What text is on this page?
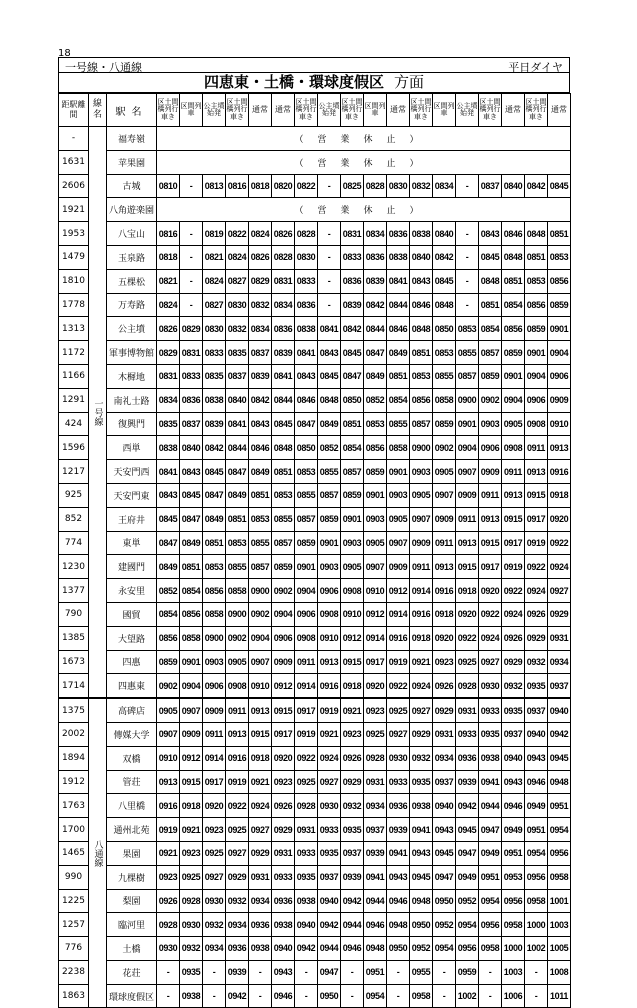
18
一号線・八通線	平日ダイヤ
四恵東・土橋・環球度假区 方面
距駅離間	線名	駅名	区土間橋列行車き	区間列車	公主墳始発	区土間橋列行車き	通常	通常	区土間橋列行車き	公主墳始発	区土間橋列行車き	区間列車	通常	区土間橋列行車き	区間列車	公主墳始発	区土間橋列行車き	通常	区土間橋列行車き	通常
-	一号線	福寿嶺	（営業休止）																	
1631		苹果園	（営業休止）																	
2606		古城	0810	-	0813	0816	0818	0820	0822	-	0825	0828	0830	0832	0834	-	0837	0840	0842	0845
1921		八角遊楽園	（営業休止）																	
1953		八宝山	0816	-	0819	0822	0824	0826	0828	-	0831	0834	0836	0838	0840	-	0843	0846	0848	0851
1479		玉泉路	0818	-	0821	0824	0826	0828	0830	-	0833	0836	0838	0840	0842	-	0845	0848	0851	0853
1810		五棵松	0821	-	0824	0827	0829	0831	0833	-	0836	0839	0841	0843	0845	-	0848	0851	0853	0856
1778		万寿路	0824	-	0827	0830	0832	0834	0836	-	0839	0842	0844	0846	0848	-	0851	0854	0856	0859
1313		公主墳	0826	0829	0830	0832	0834	0836	0838	0841	0842	0844	0846	0848	0850	0853	0854	0856	0859	0901
1172		軍事博物館	0829	0831	0833	0835	0837	0839	0841	0843	0845	0847	0849	0851	0853	0855	0857	0859	0901	0904
1166		木樨地	0831	0833	0835	0837	0839	0841	0843	0845	0847	0849	0851	0853	0855	0857	0859	0901	0904	0906
1291		南礼士路	0834	0836	0838	0840	0842	0844	0846	0848	0850	0852	0854	0856	0858	0900	0902	0904	0906	0909
424		復興門	0835	0837	0839	0841	0843	0845	0847	0849	0851	0853	0855	0857	0859	0901	0903	0905	0908	0910
1596		西単	0838	0840	0842	0844	0846	0848	0850	0852	0854	0856	0858	0900	0902	0904	0906	0908	0911	0913
1217		天安門西	0841	0843	0845	0847	0849	0851	0853	0855	0857	0859	0901	0903	0905	0907	0909	0911	0913	0916
925		天安門東	0843	0845	0847	0849	0851	0853	0855	0857	0859	0901	0903	0905	0907	0909	0911	0913	0915	0918
852		王府井	0845	0847	0849	0851	0853	0855	0857	0859	0901	0903	0905	0907	0909	0911	0913	0915	0917	0920
774		東単	0847	0849	0851	0853	0855	0857	0859	0901	0903	0905	0907	0909	0911	0913	0915	0917	0919	0922
1230		建國門	0849	0851	0853	0855	0857	0859	0901	0903	0905	0907	0909	0911	0913	0915	0917	0919	0922	0924
1377		永安里	0852	0854	0856	0858	0900	0902	0904	0906	0908	0910	0912	0914	0916	0918	0920	0922	0924	0927
790		國貿	0854	0856	0858	0900	0902	0904	0906	0908	0910	0912	0914	0916	0918	0920	0922	0924	0926	0929
1385		大望路	0856	0858	0900	0902	0904	0906	0908	0910	0912	0914	0916	0918	0920	0922	0924	0926	0929	0931
1673		四惠	0859	0901	0903	0905	0907	0909	0911	0913	0915	0917	0919	0921	0923	0925	0927	0929	0932	0934
1714		四惠東	0902	0904	0906	0908	0910	0912	0914	0916	0918	0920	0922	0924	0926	0928	0930	0932	0935	0937
1375	八通線	高碑店	0905	0907	0909	0911	0913	0915	0917	0919	0921	0923	0925	0927	0929	0931	0933	0935	0937	0940
2002		傳媒大学	0907	0909	0911	0913	0915	0917	0919	0921	0923	0925	0927	0929	0931	0933	0935	0937	0940	0942
1894		双橋	0910	0912	0914	0916	0918	0920	0922	0924	0926	0928	0930	0932	0934	0936	0938	0940	0943	0945
1912		管荘	0913	0915	0917	0919	0921	0923	0925	0927	0929	0931	0933	0935	0937	0939	0941	0943	0946	0948
1763		八里橋	0916	0918	0920	0922	0924	0926	0928	0930	0932	0934	0936	0938	0940	0942	0944	0946	0949	0951
1700		通州北苑	0919	0921	0923	0925	0927	0929	0931	0933	0935	0937	0939	0941	0943	0945	0947	0949	0951	0954
1465		果園	0921	0923	0925	0927	0929	0931	0933	0935	0937	0939	0941	0943	0945	0947	0949	0951	0954	0956
990		九棵樹	0923	0925	0927	0929	0931	0933	0935	0937	0939	0941	0943	0945	0947	0949	0951	0953	0956	0958
1225		梨園	0926	0928	0930	0932	0934	0936	0938	0940	0942	0944	0946	0948	0950	0952	0954	0956	0958	1001
1257		臨河里	0928	0930	0932	0934	0936	0938	0940	0942	0944	0946	0948	0950	0952	0954	0956	0958	1000	1003
776		土橋	0930	0932	0934	0936	0938	0940	0942	0944	0946	0948	0950	0952	0954	0956	0958	1000	1002	1005
2238		花荘	-	0935	-	0939	-	0943	-	0947	-	0951	-	0955	-	0959	-	1003	-	1008
1863		環球度假区	-	0938	-	0942	-	0946	-	0950	-	0954	-	0958	-	1002	-	1006	-	1011
